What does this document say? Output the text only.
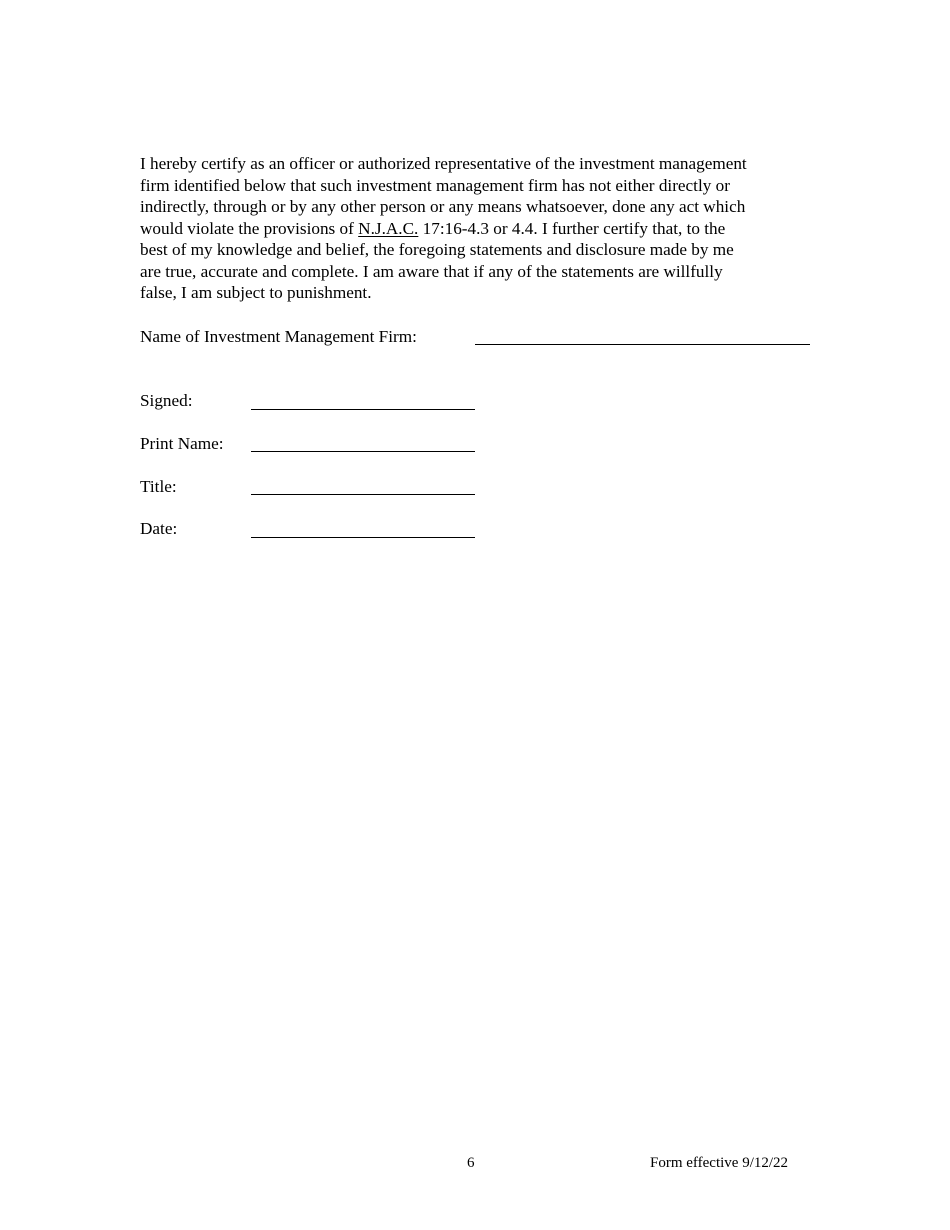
I hereby certify as an officer or authorized representative of the investment management
firm identified below that such investment management firm has not either directly or
indirectly, through or by any other person or any means whatsoever, done any act which
would violate the provisions of N.J.A.C. 17:16-4.3 or 4.4. I further certify that, to the
best of my knowledge and belief, the foregoing statements and disclosure made by me
are true, accurate and complete. I am aware that if any of the statements are willfully
false, I am subject to punishment.

Name of Investment Management Firm:
Signed:
Print Name:
Title:
Date:
6	Form effective 9/12/22
